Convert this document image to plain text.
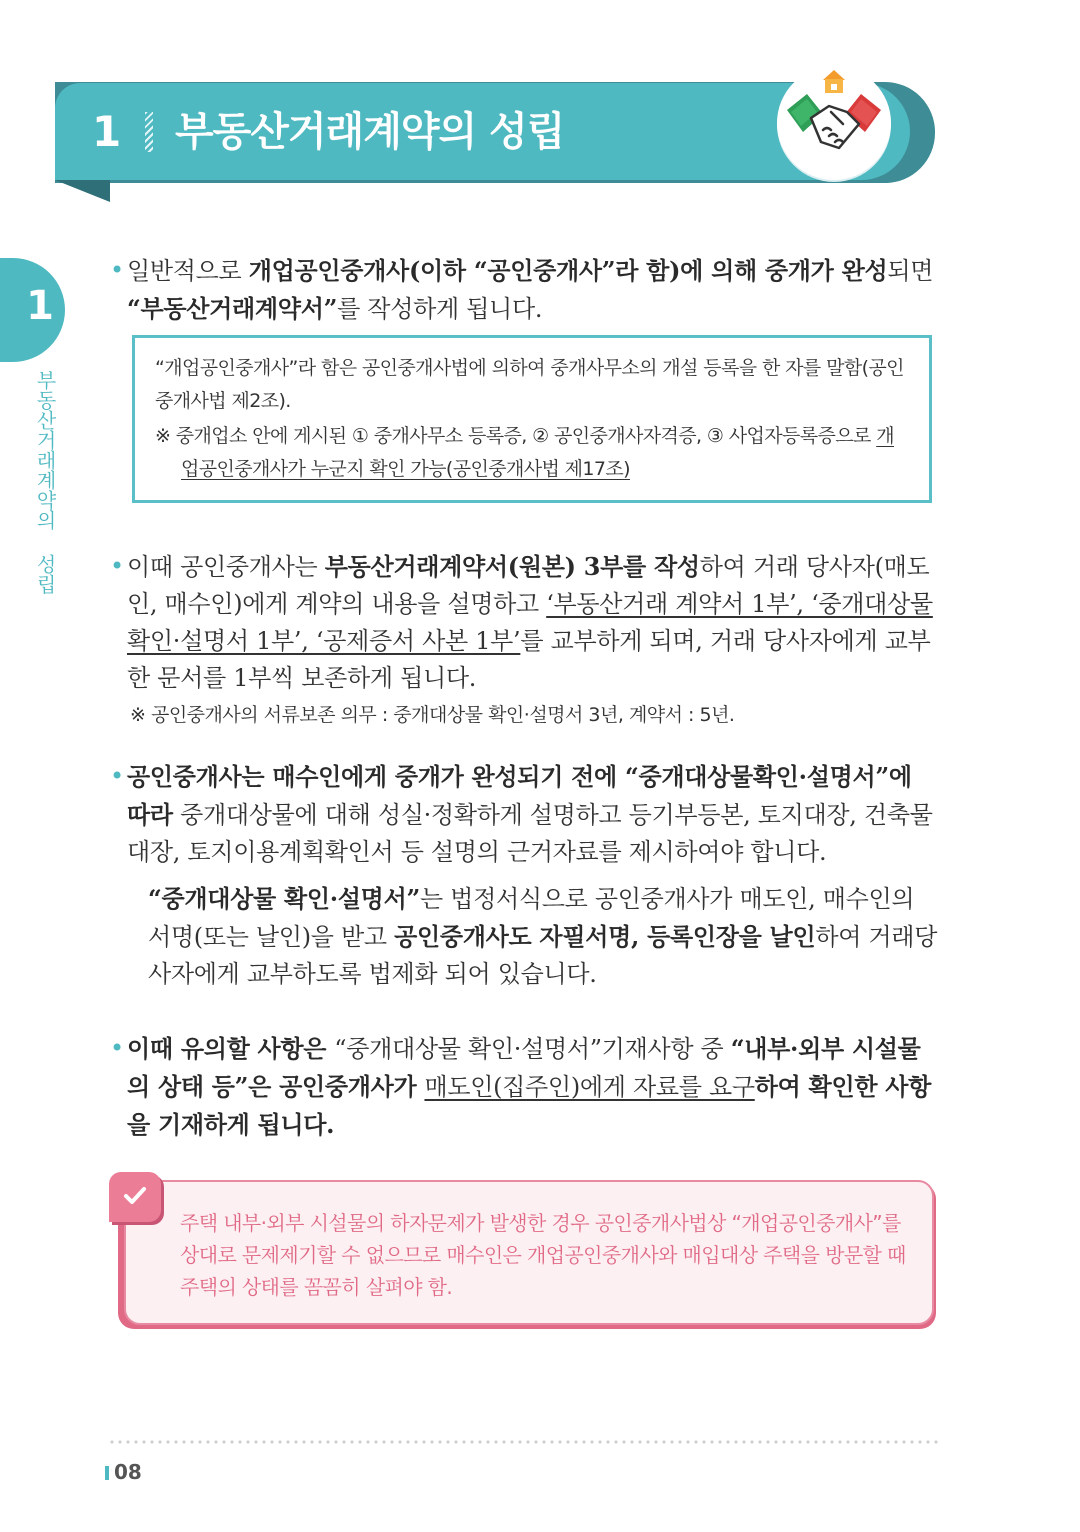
1 부동산거래계약의 성립
1
부동산거래계약의 성립
• 일반적으로 개업공인중개사(이하 “공인중개사”라 함)에 의해 중개가 완성되면 “부동산거래계약서”를 작성하게 됩니다.
“개업공인중개사”라 함은 공인중개사법에 의하여 중개사무소의 개설 등록을 한 자를 말함(공인중개사법 제2조).
※ 중개업소 안에 게시된 ① 중개사무소 등록증, ② 공인중개사자격증, ③ 사업자등록증으로 개업공인중개사가 누군지 확인 가능(공인중개사법 제17조)
• 이때 공인중개사는 부동산거래계약서(원본) 3부를 작성하여 거래 당사자(매도인, 매수인)에게 계약의 내용을 설명하고 ‘부동산거래 계약서 1부’, ‘중개대상물 확인·설명서 1부’, ‘공제증서 사본 1부’를 교부하게 되며, 거래 당사자에게 교부한 문서를 1부씩 보존하게 됩니다.
※ 공인중개사의 서류보존 의무 : 중개대상물 확인·설명서 3년, 계약서 : 5년.
• 공인중개사는 매수인에게 중개가 완성되기 전에 “중개대상물확인·설명서”에 따라 중개대상물에 대해 성실·정확하게 설명하고 등기부등본, 토지대장, 건축물대장, 토지이용계획확인서 등 설명의 근거자료를 제시하여야 합니다.
“중개대상물 확인·설명서”는 법정서식으로 공인중개사가 매도인, 매수인의 서명(또는 날인)을 받고 공인중개사도 자필서명, 등록인장을 날인하여 거래당사자에게 교부하도록 법제화 되어 있습니다.
• 이때 유의할 사항은 “중개대상물 확인·설명서”기재사항 중 “내부·외부 시설물의 상태 등”은 공인중개사가 매도인(집주인)에게 자료를 요구하여 확인한 사항을 기재하게 됩니다.
주택 내부·외부 시설물의 하자문제가 발생한 경우 공인중개사법상 “개업공인중개사”를 상대로 문제제기할 수 없으므로 매수인은 개업공인중개사와 매입대상 주택을 방문할 때 주택의 상태를 꼼꼼히 살펴야 함.
08
